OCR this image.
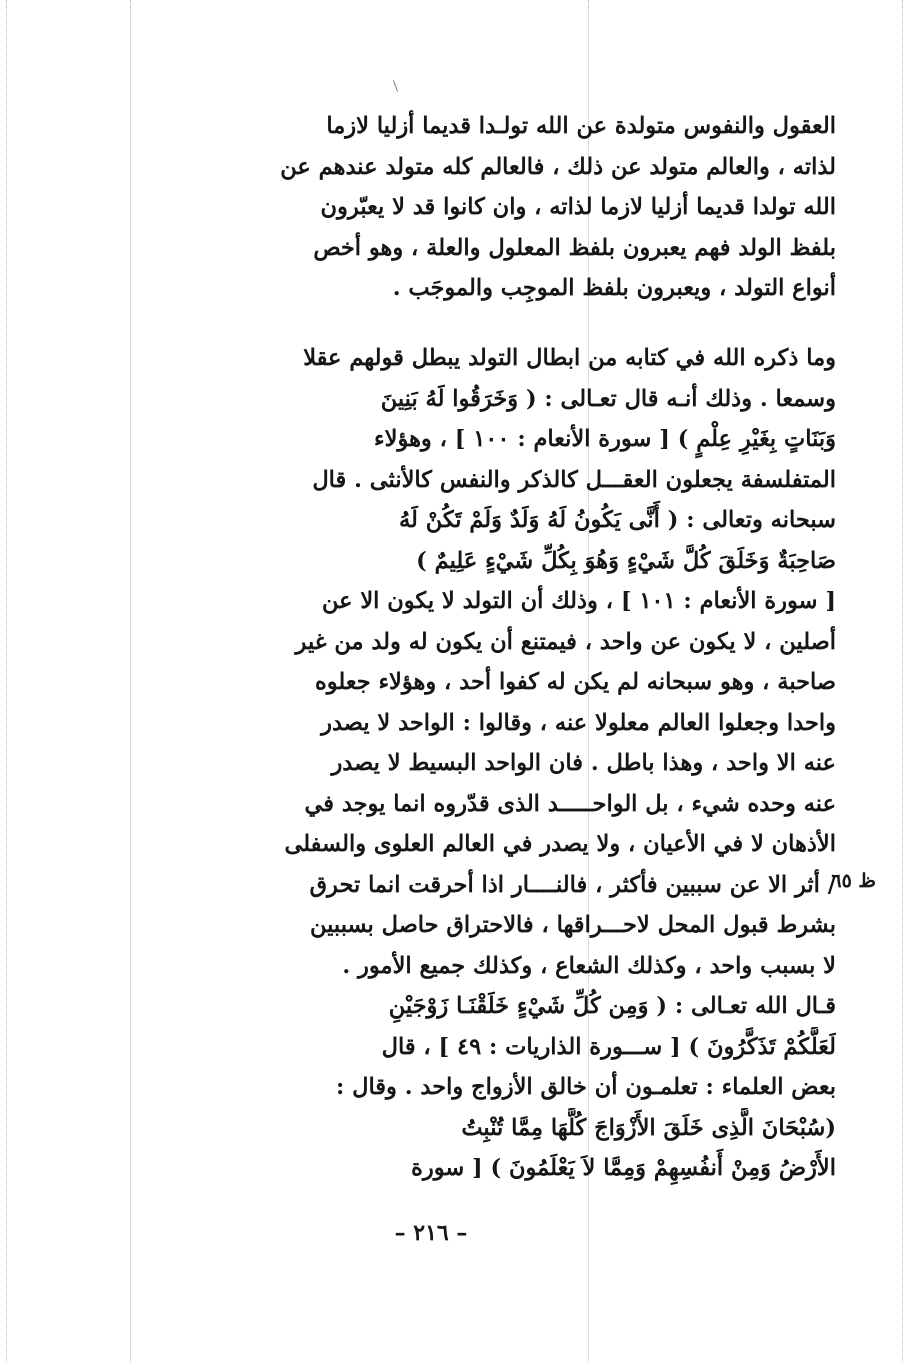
العقول والنفوس متولدة عن الله تولـدا قديما أزليا لازما
لذاته ، والعالم متولد عن ذلك ، فالعالم كله متولد عندهم عن
الله تولدا قديما أزليا لازما لذاته ، وان كانوا قد لا يعبّرون
بلفظ الولد فهم يعبرون بلفظ المعلول والعلة ، وهو أخص
أنواع التولد ، ويعبرون بلفظ الموجِب والموجَب .
وما ذكره الله في كتابه من ابطال التولد يبطل قولهم عقلا
وسمعا . وذلك أنـه قال تعـالى : ( وَخَرَقُوا لَهُ بَنِينَ
وَبَنَاتٍ بِغَيْرِ عِلْمٍ ) [ سورة الأنعام : ١٠٠ ] ، وهؤلاء
المتفلسفة يجعلون العقـــل كالذكر والنفس كالأنثى . قال
سبحانه وتعالى : ( أَنَّى يَكُونُ لَهُ وَلَدٌ وَلَمْ تَكُنْ لَهُ
صَاحِبَةٌ وَخَلَقَ كُلَّ شَيْءٍ وَهُوَ بِكُلِّ شَيْءٍ عَلِيمٌ )
[ سورة الأنعام : ١٠١ ] ، وذلك أن التولد لا يكون الا عن
أصلين ، لا يكون عن واحد ، فيمتنع أن يكون له ولد من غير
صاحبة ، وهو سبحانه لم يكن له كفوا أحد ، وهؤلاء جعلوه
واحدا وجعلوا العالم معلولا عنه ، وقالوا : الواحد لا يصدر
عنه الا واحد ، وهذا باطل . فان الواحد البسيط لا يصدر
عنه وحده شيء ، بل الواحـــــد الذى قدّروه انما يوجد في
الأذهان لا في الأعيان ، ولا يصدر في العالم العلوى والسفلى
/ أثر الا عن سببين فأكثر ، فالنــــار اذا أحرقت انما تحرق
بشرط قبول المحل لاحـــراقها ، فالاحتراق حاصل بسببين
لا بسبب واحد ، وكذلك الشعاع ، وكذلك جميع الأمور .
قـال الله تعـالى : ( وَمِن كُلِّ شَيْءٍ خَلَقْنَـا زَوْجَيْنِ
لَعَلَّكُمْ تَذَكَّرُونَ ) [ ســـورة الذاريات : ٤٩ ] ، قال
بعض العلماء : تعلمـون أن خالق الأزواج واحد . وقال :
(سُبْحَانَ الَّذِى خَلَقَ الأَزْوَاجَ كُلَّهَا مِمَّا تُنْبِتُ
الأَرْضُ وَمِنْ أَنفُسِهِمْ وَمِمَّا لاَ يَعْلَمُونَ ) [ سورة
ظ ٦٥
– ٢١٦ –
